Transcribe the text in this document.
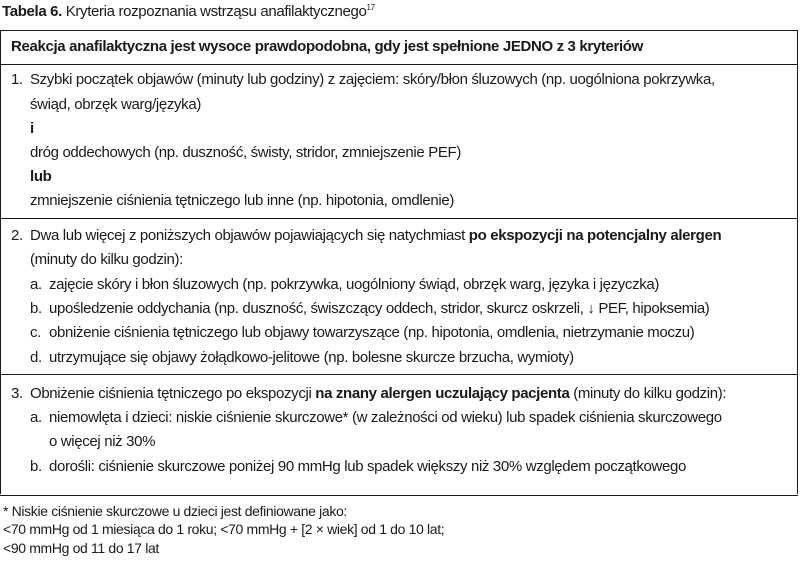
Tabela 6. Kryteria rozpoznania wstrząsu anafilaktycznego$^{17}$
Reakcja anafilaktyczna jest wysoce prawdopodobna, gdy jest spełnione JEDNO z 3 kryteriów
1. Szybki początek objawów (minuty lub godziny) z zajęciem: skóry/błon śluzowych (np. uogólniona pokrzywka,
świąd, obrzęk warg/języka)
i
dróg oddechowych (np. duszność, świsty, stridor, zmniejszenie PEF)
lub
zmniejszenie ciśnienia tętniczego lub inne (np. hipotonia, omdlenie)
2. Dwa lub więcej z poniższych objawów pojawiających się natychmiast po ekspozycji na potencjalny alergen
(minuty do kilku godzin):
a. zajęcie skóry i błon śluzowych (np. pokrzywka, uogólniony świąd, obrzęk warg, języka i języczka)
b. upośledzenie oddychania (np. duszność, świszczący oddech, stridor, skurcz oskrzeli, ↓ PEF, hipoksemia)
c. obniżenie ciśnienia tętniczego lub objawy towarzyszące (np. hipotonia, omdlenia, nietrzymanie moczu)
d. utrzymujące się objawy żołądkowo-jelitowe (np. bolesne skurcze brzucha, wymioty)
3. Obniżenie ciśnienia tętniczego po ekspozycji na znany alergen uczulający pacjenta (minuty do kilku godzin):
a. niemowlęta i dzieci: niskie ciśnienie skurczowe* (w zależności od wieku) lub spadek ciśnienia skurczowego
o więcej niż 30%
b. dorośli: ciśnienie skurczowe poniżej 90 mmHg lub spadek większy niż 30% względem początkowego
* Niskie ciśnienie skurczowe u dzieci jest definiowane jako:
<70 mmHg od 1 miesiąca do 1 roku; <70 mmHg + [2 × wiek] od 1 do 10 lat;
<90 mmHg od 11 do 17 lat
